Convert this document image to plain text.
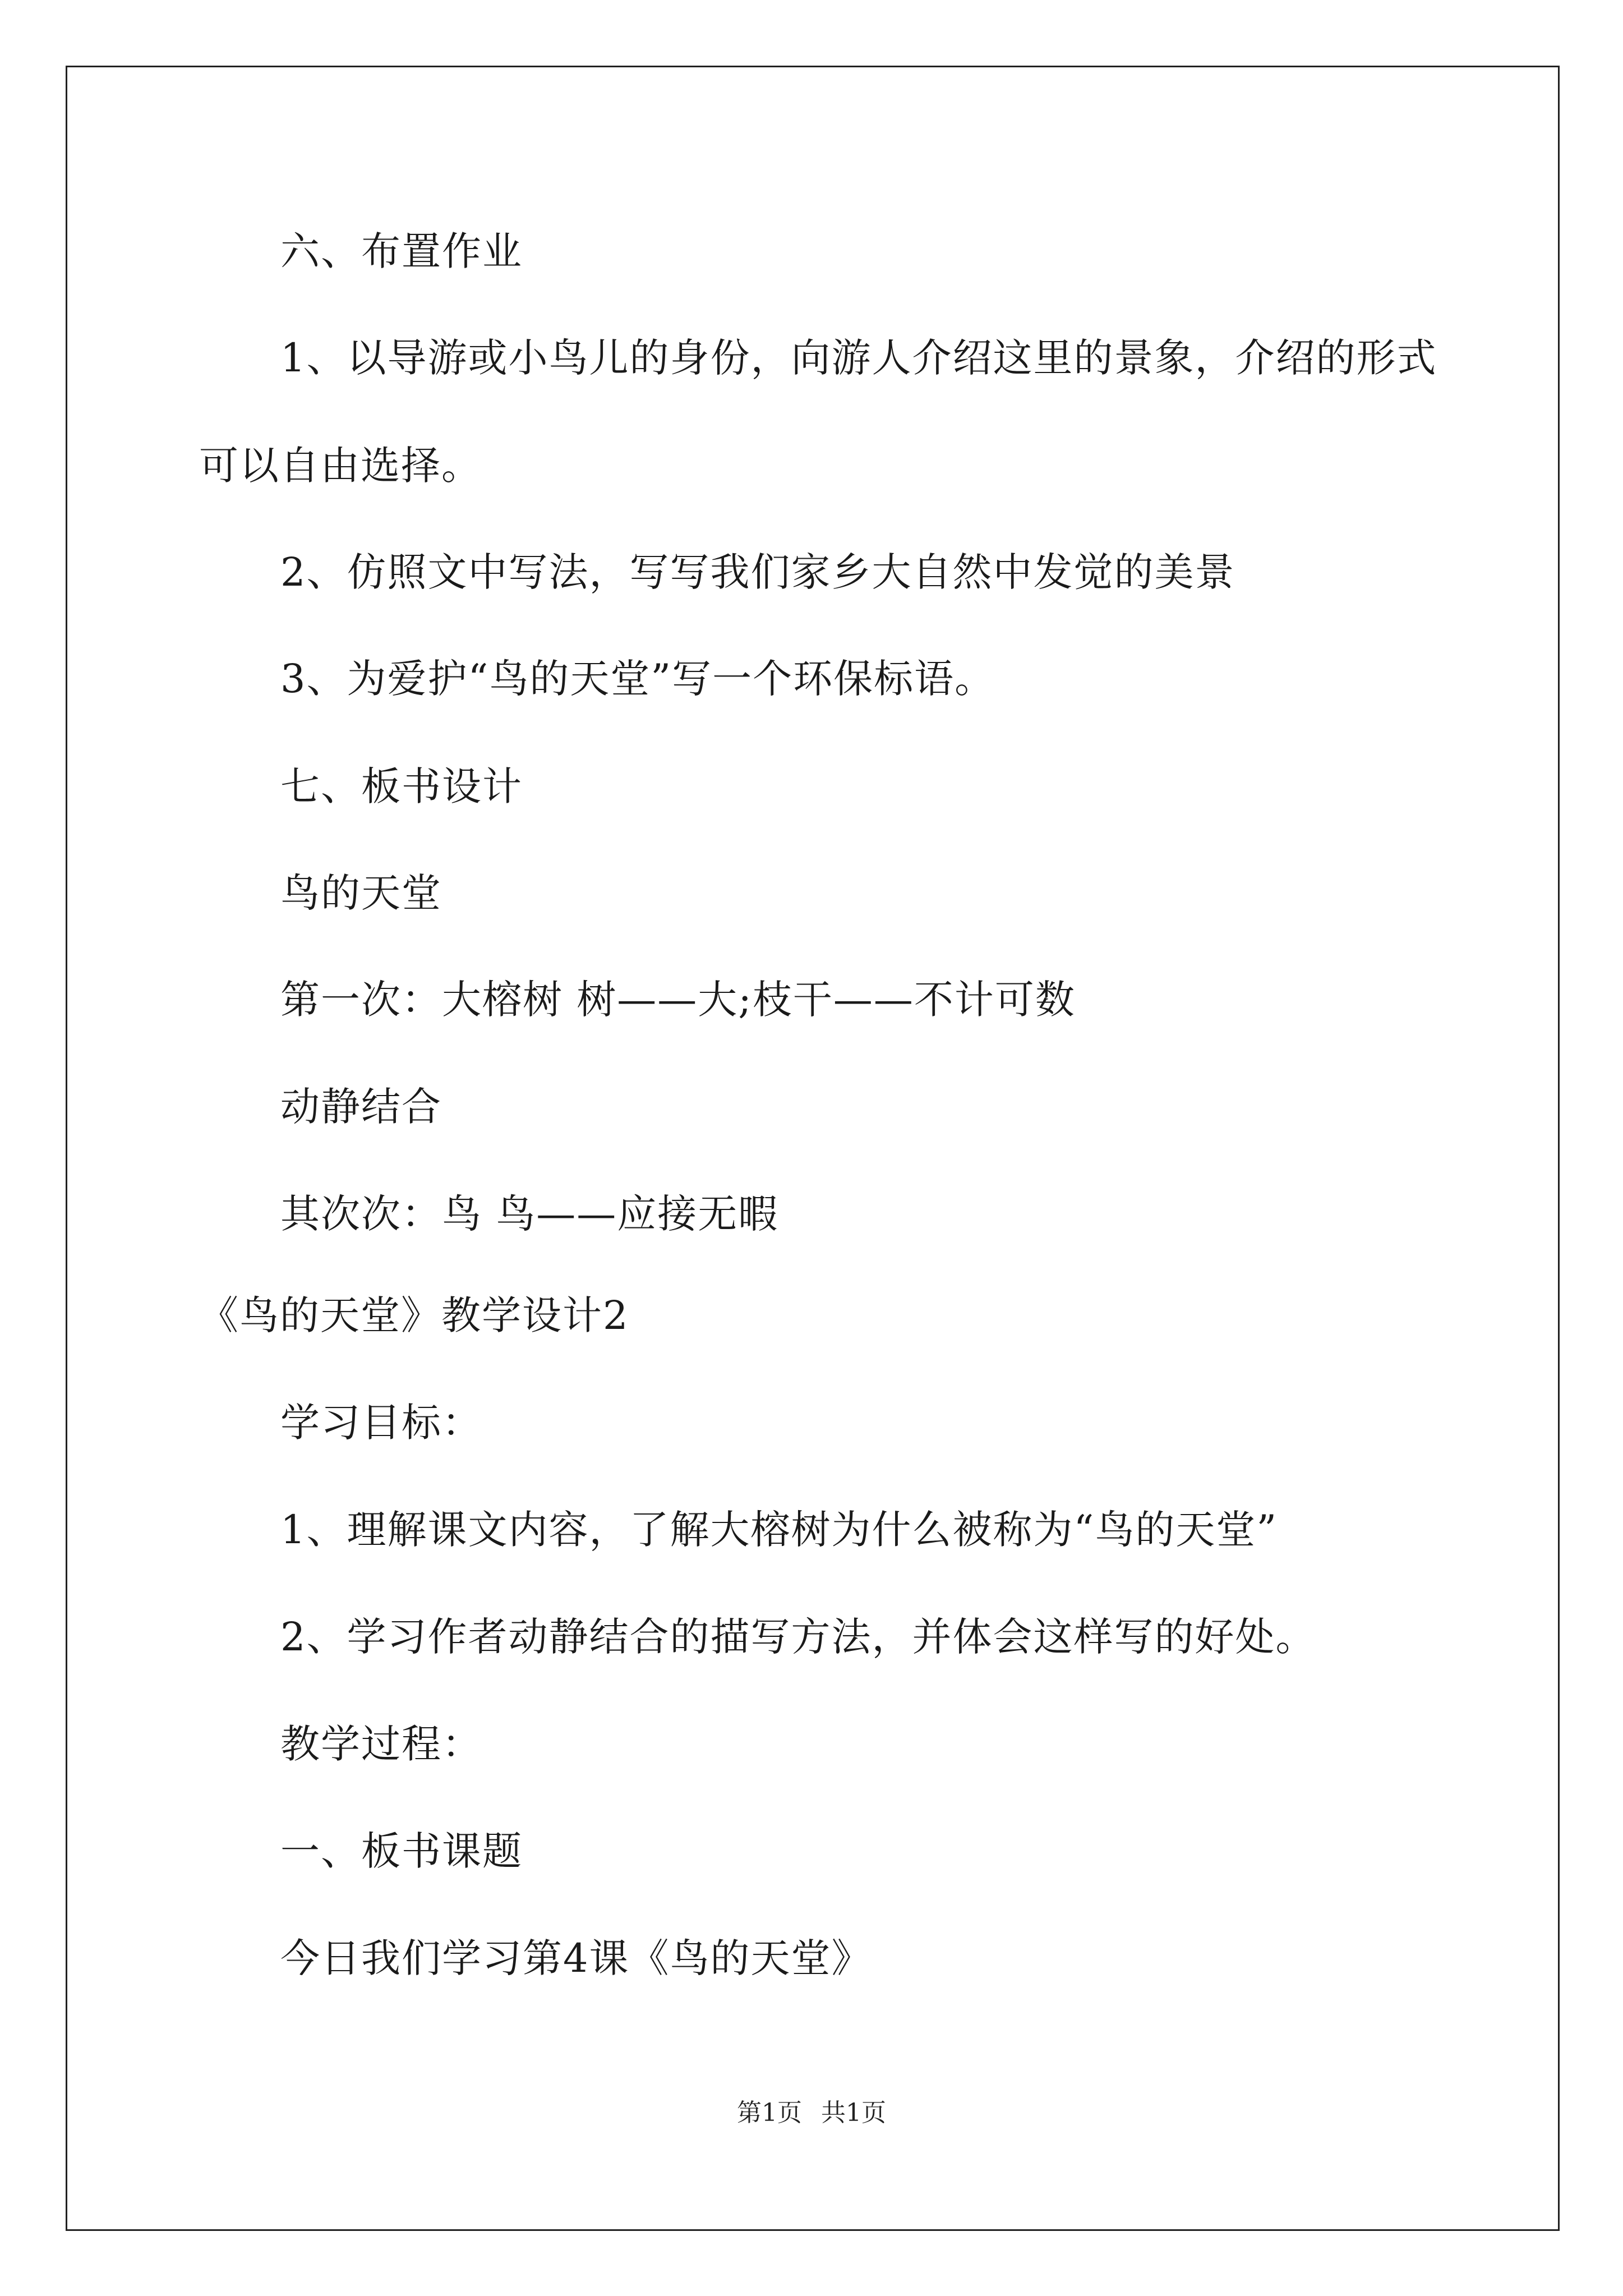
六、布置作业
1、以导游或小鸟儿的身份，向游人介绍这里的景象，介绍的形式
可以自由选择。
2、仿照文中写法，写写我们家乡大自然中发觉的美景
3、为爱护“鸟的天堂”写一个环保标语。
七、板书设计
鸟的天堂
第一次：大榕树 树——大;枝干——不计可数
动静结合
其次次：鸟 鸟——应接无暇
《鸟的天堂》教学设计2
学习目标：
1、理解课文内容，了解大榕树为什么被称为“鸟的天堂”
2、学习作者动静结合的描写方法，并体会这样写的好处。
教学过程：
一、板书课题
今日我们学习第4课《鸟的天堂》
第1页 共1页
